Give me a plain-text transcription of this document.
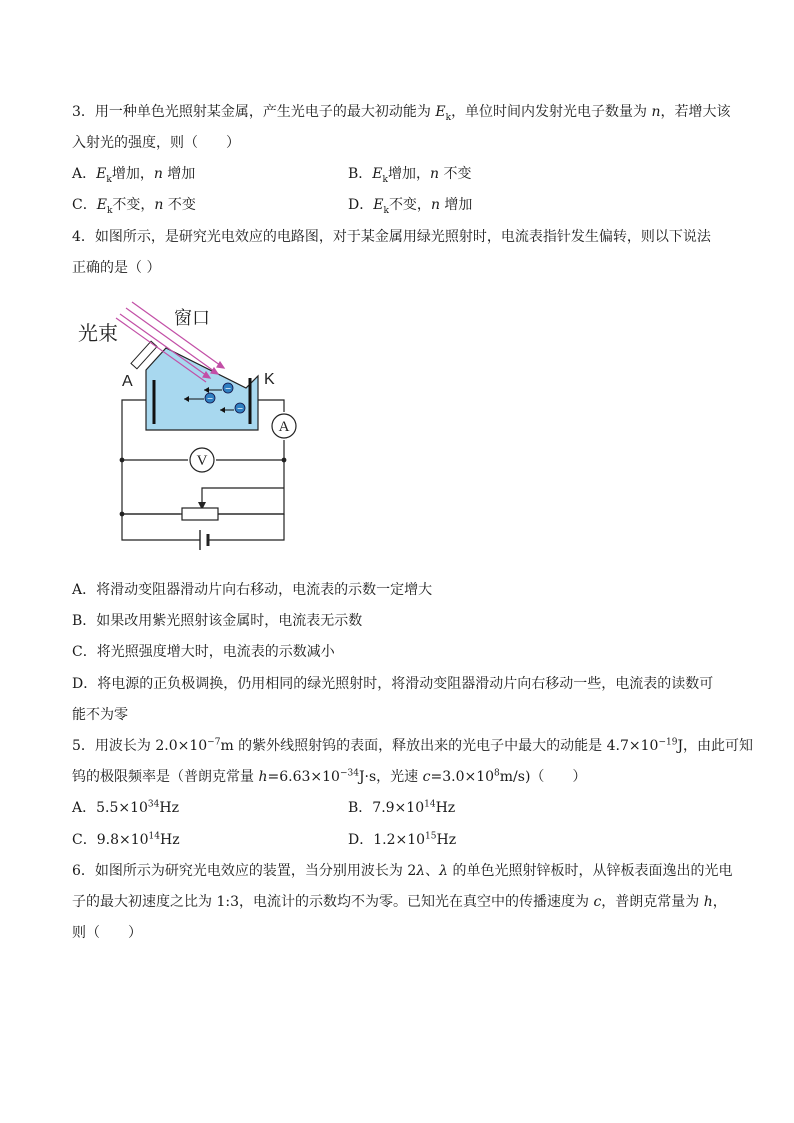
3．用一种单色光照射某金属，产生光电子的最大初动能为 $E_k$，单位时间内发射光电子数量为 n，若增大该
入射光的强度，则（　　）
A．$E_k$增加，n 增加	B．$E_k$增加，n 不变
C．$E_k$不变，n 不变	D．$E_k$不变，n 增加
4．如图所示，是研究光电效应的电路图，对于某金属用绿光照射时，电流表指针发生偏转，则以下说法
正确的是（ ）
光束
窗口
A	K
−
−
−
A
V
A．将滑动变阻器滑动片向右移动，电流表的示数一定增大
B．如果改用紫光照射该金属时，电流表无示数
C．将光照强度增大时，电流表的示数减小
D．将电源的正负极调换，仍用相同的绿光照射时，将滑动变阻器滑动片向右移动一些，电流表的读数可
能不为零
5．用波长为 $2.0\times 10^{-7}m$ 的紫外线照射钨的表面，释放出来的光电子中最大的动能是 $4.7\times 10^{-19}J$，由此可知
钨的极限频率是（普朗克常量 $h=6.63\times 10^{-34}J\cdot s$，光速 $c=3.0\times 10^8m/s$)（　　）
A．$5.5\times 10^{34}Hz$	B．$7.9\times 10^{14}Hz$
C．$9.8\times 10^{14}Hz$	D．$1.2\times 10^{15}Hz$
6．如图所示为研究光电效应的装置，当分别用波长为 2λ、λ 的单色光照射锌板时，从锌板表面逸出的光电
子的最大初速度之比为 1:3，电流计的示数均不为零。已知光在真空中的传播速度为 c，普朗克常量为 h，
则（　　）
